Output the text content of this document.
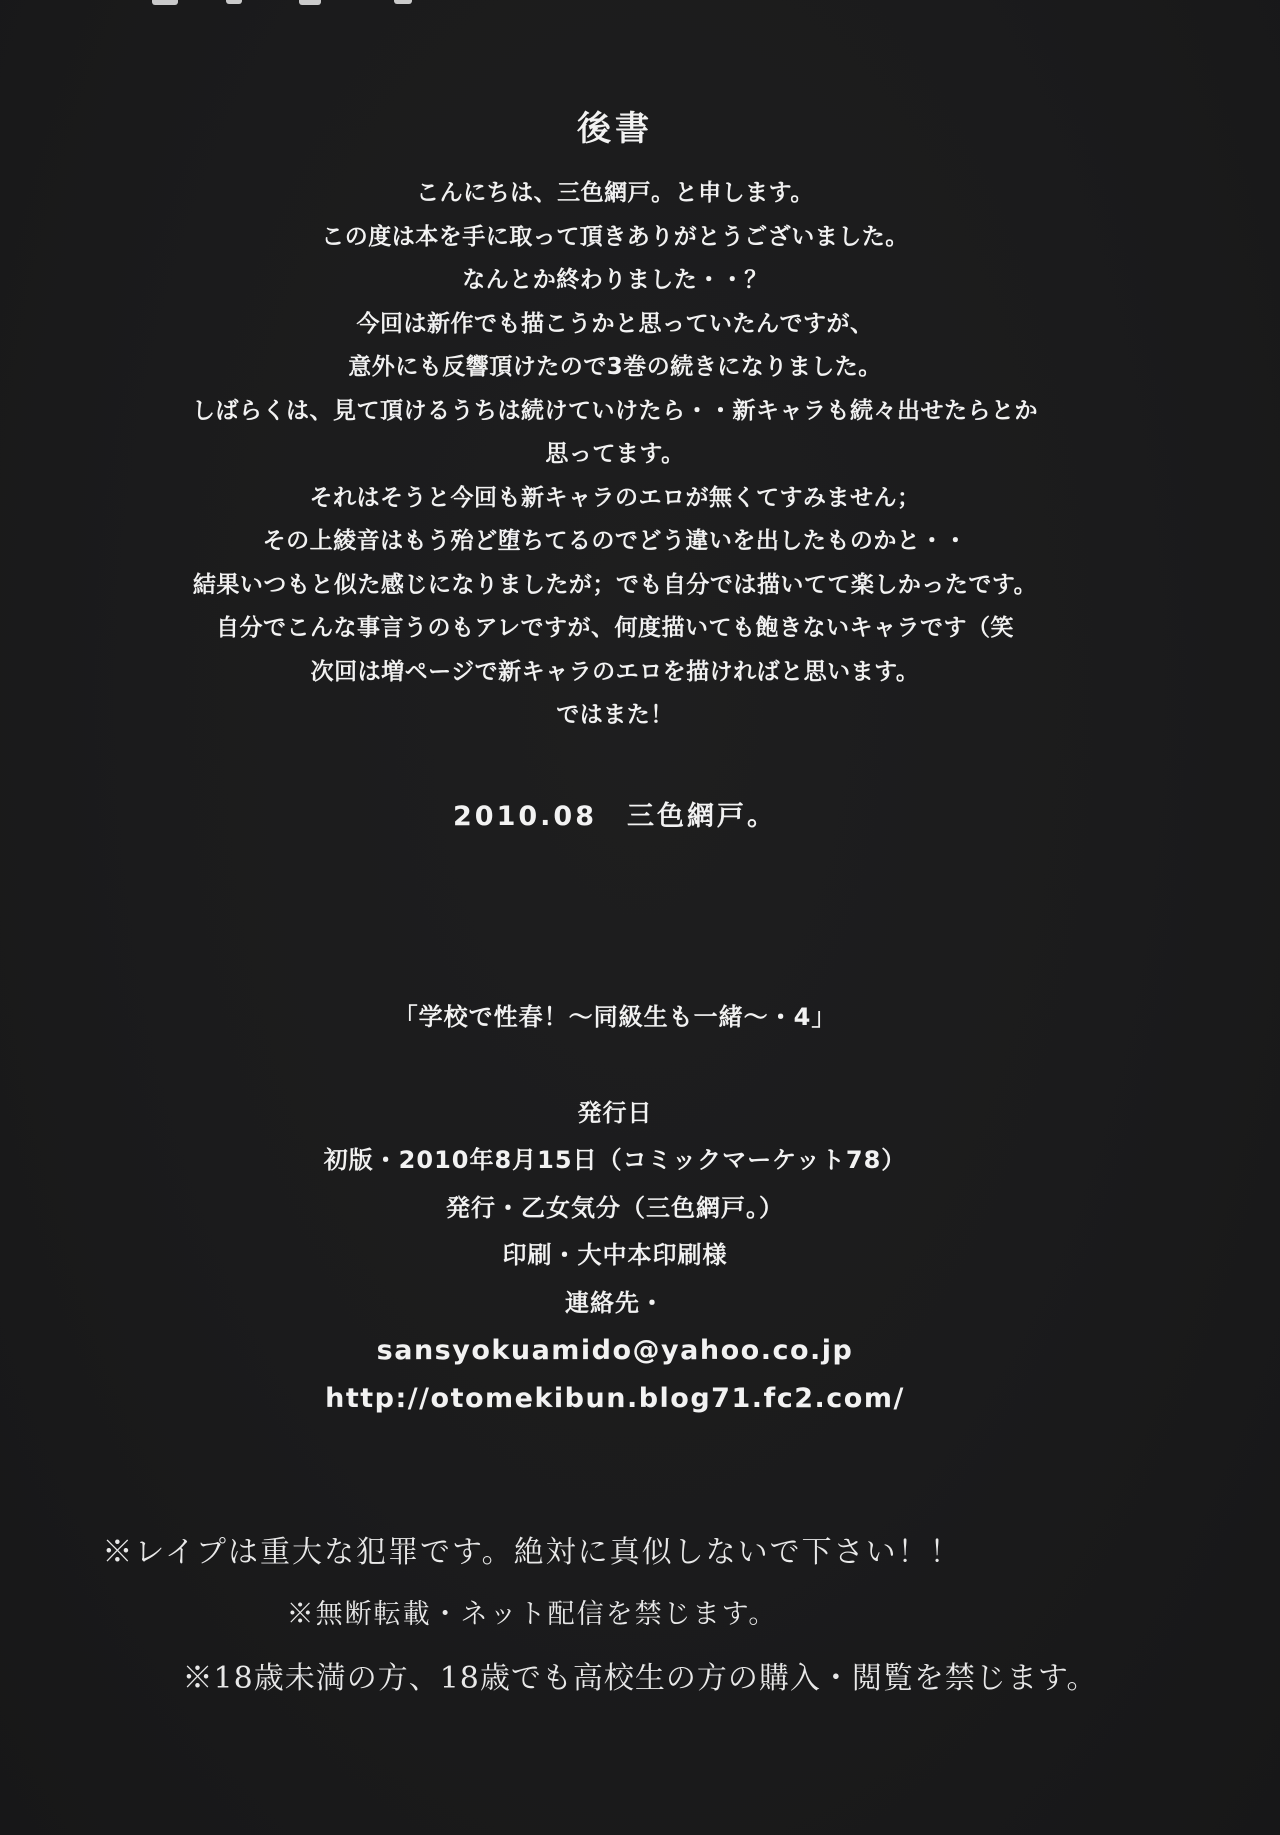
後書

こんにちは、三色網戸。と申します。

この度は本を手に取って頂きありがとうございました。

なんとか終わりました・・？

今回は新作でも描こうかと思っていたんですが、

意外にも反響頂けたので3巻の続きになりました。

しばらくは、見て頂けるうちは続けていけたら・・新キャラも続々出せたらとか

思ってます。

それはそうと今回も新キャラのエロが無くてすみません；

その上綾音はもう殆ど堕ちてるのでどう違いを出したものかと・・

結果いつもと似た感じになりましたが；でも自分では描いてて楽しかったです。

自分でこんな事言うのもアレですが、何度描いても飽きないキャラです（笑

次回は増ページで新キャラのエロを描ければと思います。

ではまた！

2010.08 三色網戸。

「学校で性春！～同級生も一緒～・4」

発行日

初版・2010年8月15日（コミックマーケット78）

発行・乙女気分（三色網戸。）

印刷・大中本印刷様

連絡先・

sansyokuamido@yahoo.co.jp

http://otomekibun.blog71.fc2.com/

※レイプは重大な犯罪です。絶対に真似しないで下さい！！

※無断転載・ネット配信を禁じます。

※18歳未満の方、18歳でも高校生の方の購入・閲覧を禁じます。
